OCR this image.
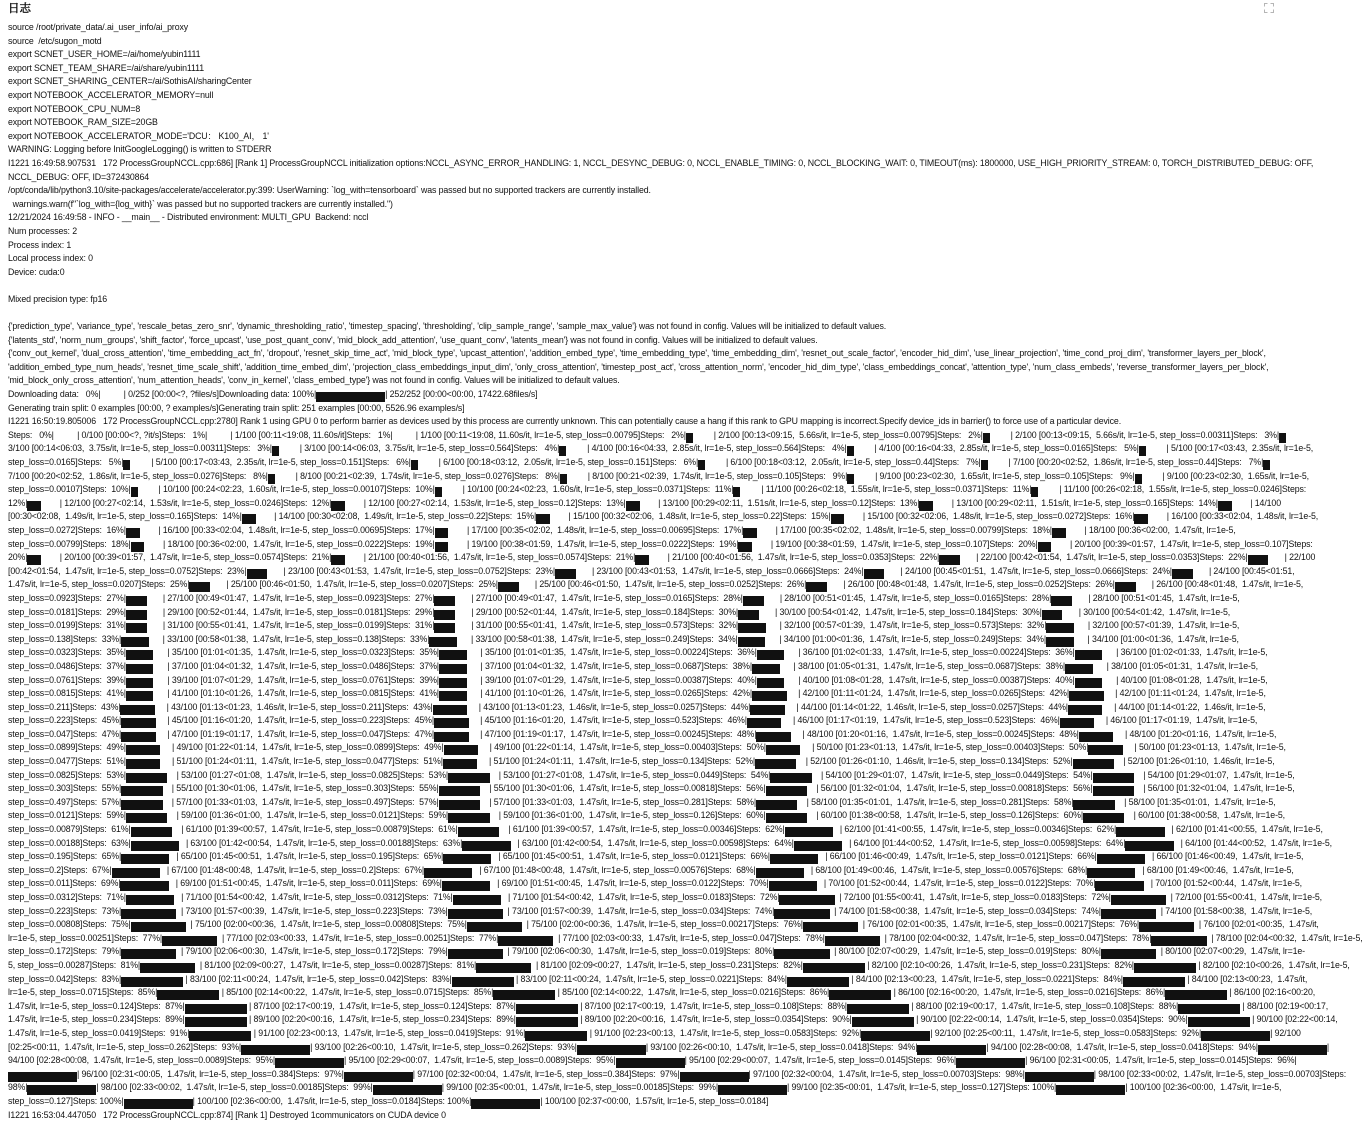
日志
source /root/private_data/.ai_user_info/ai_proxy
source  /etc/sugon_motd
export SCNET_USER_HOME=/ai/home/yubin1111
export SCNET_TEAM_SHARE=/ai/share/yubin1111
export SCNET_SHARING_CENTER=/ai/SothisAI/sharingCenter
export NOTEBOOK_ACCELERATOR_MEMORY=null
export NOTEBOOK_CPU_NUM=8
export NOTEBOOK_RAM_SIZE=20GB
export NOTEBOOK_ACCELERATOR_MODE='DCU： K100_AI， 1'
WARNING: Logging before InitGoogleLogging() is written to STDERR
I1221 16:49:58.907531   172 ProcessGroupNCCL.cpp:686] [Rank 1] ProcessGroupNCCL initialization options:NCCL_ASYNC_ERROR_HANDLING: 1, NCCL_DESYNC_DEBUG: 0, NCCL_ENABLE_TIMING: 0, NCCL_BLOCKING_WAIT: 0, TIMEOUT(ms): 1800000, USE_HIGH_PRIORITY_STREAM: 0, TORCH_DISTRIBUTED_DEBUG: OFF,
NCCL_DEBUG: OFF, ID=372430864
/opt/conda/lib/python3.10/site-packages/accelerate/accelerator.py:399: UserWarning: `log_with=tensorboard` was passed but no supported trackers are currently installed.
warnings.warn(f"`log_with={log_with}` was passed but no supported trackers are currently installed.")
12/21/2024 16:49:58 - INFO - __main__ - Distributed environment: MULTI_GPU  Backend: nccl
Num processes: 2
Process index: 1
Local process index: 0
Device: cuda:0

Mixed precision type: fp16

{'prediction_type', 'variance_type', 'rescale_betas_zero_snr', 'dynamic_thresholding_ratio', 'timestep_spacing', 'thresholding', 'clip_sample_range', 'sample_max_value'} was not found in config. Values will be initialized to default values.
{'latents_std', 'norm_num_groups', 'shift_factor', 'force_upcast', 'use_post_quant_conv', 'mid_block_add_attention', 'use_quant_conv', 'latents_mean'} was not found in config. Values will be initialized to default values.
{'conv_out_kernel', 'dual_cross_attention', 'time_embedding_act_fn', 'dropout', 'resnet_skip_time_act', 'mid_block_type', 'upcast_attention', 'addition_embed_type', 'time_embedding_type', 'time_embedding_dim', 'resnet_out_scale_factor', 'encoder_hid_dim', 'use_linear_projection', 'time_cond_proj_dim', 'transformer_layers_per_block',
'addition_embed_type_num_heads', 'resnet_time_scale_shift', 'addition_time_embed_dim', 'projection_class_embeddings_input_dim', 'only_cross_attention', 'timestep_post_act', 'cross_attention_norm', 'encoder_hid_dim_type', 'class_embeddings_concat', 'attention_type', 'num_class_embeds', 'reverse_transformer_layers_per_block',
'mid_block_only_cross_attention', 'num_attention_heads', 'conv_in_kernel', 'class_embed_type'} was not found in config. Values will be initialized to default values.
Downloading data:   0%|          | 0/252 [00:00<?, ?files/s]Downloading data: 100%|	| 252/252 [00:00<00:00, 17422.68files/s]
Generating train split: 0 examples [00:00, ? examples/s]Generating train split: 251 examples [00:00, 5526.96 examples/s]
I1221 16:50:19.805006   172 ProcessGroupNCCL.cpp:2780] Rank 1 using GPU 0 to perform barrier as devices used by this process are currently unknown. This can potentially cause a hang if this rank to GPU mapping is incorrect.Specify device_ids in barrier() to force use of a particular device.
Steps:   0%|          | 0/100 [00:00<?, ?it/s]Steps:   1%|          | 1/100 [00:11<19:08, 11.60s/it]Steps:   1%|          | 1/100 [00:11<19:08, 11.60s/it, lr=1e-5, step_loss=0.00795]Steps:   2%|         | 2/100 [00:13<09:15,  5.66s/it, lr=1e-5, step_loss=0.00795]Steps:   2%|         | 2/100 [00:13<09:15,  5.66s/it, lr=1e-5, step_loss=0.00311]Steps:   3%|
3/100 [00:14<06:03,  3.75s/it, lr=1e-5, step_loss=0.00311]Steps:   3%|         | 3/100 [00:14<06:03,  3.75s/it, lr=1e-5, step_loss=0.564]Steps:   4%|         | 4/100 [00:16<04:33,  2.85s/it, lr=1e-5, step_loss=0.564]Steps:   4%|         | 4/100 [00:16<04:33,  2.85s/it, lr=1e-5, step_loss=0.0165]Steps:   5%|         | 5/100 [00:17<03:43,  2.35s/it, lr=1e-5,
step_loss=0.0165]Steps:   5%|         | 5/100 [00:17<03:43,  2.35s/it, lr=1e-5, step_loss=0.151]Steps:   6%|         | 6/100 [00:18<03:12,  2.05s/it, lr=1e-5, step_loss=0.151]Steps:   6%|         | 6/100 [00:18<03:12,  2.05s/it, lr=1e-5, step_loss=0.44]Steps:   7%|         | 7/100 [00:20<02:52,  1.86s/it, lr=1e-5, step_loss=0.44]Steps:   7%|
7/100 [00:20<02:52,  1.86s/it, lr=1e-5, step_loss=0.0276]Steps:   8%|         | 8/100 [00:21<02:39,  1.74s/it, lr=1e-5, step_loss=0.0276]Steps:   8%|         | 8/100 [00:21<02:39,  1.74s/it, lr=1e-5, step_loss=0.105]Steps:   9%|         | 9/100 [00:23<02:30,  1.65s/it, lr=1e-5, step_loss=0.105]Steps:   9%|         | 9/100 [00:23<02:30,  1.65s/it, lr=1e-5,
step_loss=0.00107]Steps:  10%|         | 10/100 [00:24<02:23,  1.60s/it, lr=1e-5, step_loss=0.00107]Steps:  10%|         | 10/100 [00:24<02:23,  1.60s/it, lr=1e-5, step_loss=0.0371]Steps:  11%|         | 11/100 [00:26<02:18,  1.55s/it, lr=1e-5, step_loss=0.0371]Steps:  11%|         | 11/100 [00:26<02:18,  1.55s/it, lr=1e-5, step_loss=0.0246]Steps:
12%|        | 12/100 [00:27<02:14,  1.53s/it, lr=1e-5, step_loss=0.0246]Steps:  12%|        | 12/100 [00:27<02:14,  1.53s/it, lr=1e-5, step_loss=0.12]Steps:  13%|        | 13/100 [00:29<02:11,  1.51s/it, lr=1e-5, step_loss=0.12]Steps:  13%|        | 13/100 [00:29<02:11,  1.51s/it, lr=1e-5, step_loss=0.165]Steps:  14%|        | 14/100
[00:30<02:08,  1.49s/it, lr=1e-5, step_loss=0.165]Steps:  14%|        | 14/100 [00:30<02:08,  1.49s/it, lr=1e-5, step_loss=0.22]Steps:  15%|        | 15/100 [00:32<02:06,  1.48s/it, lr=1e-5, step_loss=0.22]Steps:  15%|        | 15/100 [00:32<02:06,  1.48s/it, lr=1e-5, step_loss=0.0272]Steps:  16%|        | 16/100 [00:33<02:04,  1.48s/it, lr=1e-5,
step_loss=0.0272]Steps:  16%|        | 16/100 [00:33<02:04,  1.48s/it, lr=1e-5, step_loss=0.00695]Steps:  17%|        | 17/100 [00:35<02:02,  1.48s/it, lr=1e-5, step_loss=0.00695]Steps:  17%|        | 17/100 [00:35<02:02,  1.48s/it, lr=1e-5, step_loss=0.00799]Steps:  18%|        | 18/100 [00:36<02:00,  1.47s/it, lr=1e-5,
step_loss=0.00799]Steps:  18%|        | 18/100 [00:36<02:00,  1.47s/it, lr=1e-5, step_loss=0.0222]Steps:  19%|        | 19/100 [00:38<01:59,  1.47s/it, lr=1e-5, step_loss=0.0222]Steps:  19%|        | 19/100 [00:38<01:59,  1.47s/it, lr=1e-5, step_loss=0.107]Steps:  20%|        | 20/100 [00:39<01:57,  1.47s/it, lr=1e-5, step_loss=0.107]Steps:
20%|        | 20/100 [00:39<01:57,  1.47s/it, lr=1e-5, step_loss=0.0574]Steps:  21%|        | 21/100 [00:40<01:56,  1.47s/it, lr=1e-5, step_loss=0.0574]Steps:  21%|        | 21/100 [00:40<01:56,  1.47s/it, lr=1e-5, step_loss=0.0353]Steps:  22%|       | 22/100 [00:42<01:54,  1.47s/it, lr=1e-5, step_loss=0.0353]Steps:  22%|       | 22/100
[00:42<01:54,  1.47s/it, lr=1e-5, step_loss=0.0752]Steps:  23%|       | 23/100 [00:43<01:53,  1.47s/it, lr=1e-5, step_loss=0.0752]Steps:  23%|       | 23/100 [00:43<01:53,  1.47s/it, lr=1e-5, step_loss=0.0666]Steps:  24%|       | 24/100 [00:45<01:51,  1.47s/it, lr=1e-5, step_loss=0.0666]Steps:  24%|       | 24/100 [00:45<01:51,
1.47s/it, lr=1e-5, step_loss=0.0207]Steps:  25%|       | 25/100 [00:46<01:50,  1.47s/it, lr=1e-5, step_loss=0.0207]Steps:  25%|       | 25/100 [00:46<01:50,  1.47s/it, lr=1e-5, step_loss=0.0252]Steps:  26%|       | 26/100 [00:48<01:48,  1.47s/it, lr=1e-5, step_loss=0.0252]Steps:  26%|       | 26/100 [00:48<01:48,  1.47s/it, lr=1e-5,
step_loss=0.0923]Steps:  27%|       | 27/100 [00:49<01:47,  1.47s/it, lr=1e-5, step_loss=0.0923]Steps:  27%|       | 27/100 [00:49<01:47,  1.47s/it, lr=1e-5, step_loss=0.0165]Steps:  28%|       | 28/100 [00:51<01:45,  1.47s/it, lr=1e-5, step_loss=0.0165]Steps:  28%|       | 28/100 [00:51<01:45,  1.47s/it, lr=1e-5,
step_loss=0.0181]Steps:  29%|       | 29/100 [00:52<01:44,  1.47s/it, lr=1e-5, step_loss=0.0181]Steps:  29%|       | 29/100 [00:52<01:44,  1.47s/it, lr=1e-5, step_loss=0.184]Steps:  30%|       | 30/100 [00:54<01:42,  1.47s/it, lr=1e-5, step_loss=0.184]Steps:  30%|       | 30/100 [00:54<01:42,  1.47s/it, lr=1e-5,
step_loss=0.0199]Steps:  31%|       | 31/100 [00:55<01:41,  1.47s/it, lr=1e-5, step_loss=0.0199]Steps:  31%|       | 31/100 [00:55<01:41,  1.47s/it, lr=1e-5, step_loss=0.573]Steps:  32%|	| 32/100 [00:57<01:39,  1.47s/it, lr=1e-5, step_loss=0.573]Steps:  32%|	| 32/100 [00:57<01:39,  1.47s/it, lr=1e-5,
step_loss=0.138]Steps:  33%|	| 33/100 [00:58<01:38,  1.47s/it, lr=1e-5, step_loss=0.138]Steps:  33%|	| 33/100 [00:58<01:38,  1.47s/it, lr=1e-5, step_loss=0.249]Steps:  34%|	| 34/100 [01:00<01:36,  1.47s/it, lr=1e-5, step_loss=0.249]Steps:  34%|	| 34/100 [01:00<01:36,  1.47s/it, lr=1e-5,
step_loss=0.0323]Steps:  35%|	| 35/100 [01:01<01:35,  1.47s/it, lr=1e-5, step_loss=0.0323]Steps:  35%|	| 35/100 [01:01<01:35,  1.47s/it, lr=1e-5, step_loss=0.00224]Steps:  36%|	| 36/100 [01:02<01:33,  1.47s/it, lr=1e-5, step_loss=0.00224]Steps:  36%|	| 36/100 [01:02<01:33,  1.47s/it, lr=1e-5,
step_loss=0.0486]Steps:  37%|	| 37/100 [01:04<01:32,  1.47s/it, lr=1e-5, step_loss=0.0486]Steps:  37%|	| 37/100 [01:04<01:32,  1.47s/it, lr=1e-5, step_loss=0.0687]Steps:  38%|	| 38/100 [01:05<01:31,  1.47s/it, lr=1e-5, step_loss=0.0687]Steps:  38%|	| 38/100 [01:05<01:31,  1.47s/it, lr=1e-5,
step_loss=0.0761]Steps:  39%|	| 39/100 [01:07<01:29,  1.47s/it, lr=1e-5, step_loss=0.0761]Steps:  39%|	| 39/100 [01:07<01:29,  1.47s/it, lr=1e-5, step_loss=0.00387]Steps:  40%|	| 40/100 [01:08<01:28,  1.47s/it, lr=1e-5, step_loss=0.00387]Steps:  40%|	| 40/100 [01:08<01:28,  1.47s/it, lr=1e-5,
step_loss=0.0815]Steps:  41%|	| 41/100 [01:10<01:26,  1.47s/it, lr=1e-5, step_loss=0.0815]Steps:  41%|	| 41/100 [01:10<01:26,  1.47s/it, lr=1e-5, step_loss=0.0265]Steps:  42%|	| 42/100 [01:11<01:24,  1.47s/it, lr=1e-5, step_loss=0.0265]Steps:  42%|	| 42/100 [01:11<01:24,  1.47s/it, lr=1e-5,
step_loss=0.211]Steps:  43%|	| 43/100 [01:13<01:23,  1.46s/it, lr=1e-5, step_loss=0.211]Steps:  43%|	| 43/100 [01:13<01:23,  1.46s/it, lr=1e-5, step_loss=0.0257]Steps:  44%|	| 44/100 [01:14<01:22,  1.46s/it, lr=1e-5, step_loss=0.0257]Steps:  44%|	| 44/100 [01:14<01:22,  1.46s/it, lr=1e-5,
step_loss=0.223]Steps:  45%|	| 45/100 [01:16<01:20,  1.47s/it, lr=1e-5, step_loss=0.223]Steps:  45%|	| 45/100 [01:16<01:20,  1.47s/it, lr=1e-5, step_loss=0.523]Steps:  46%|	| 46/100 [01:17<01:19,  1.47s/it, lr=1e-5, step_loss=0.523]Steps:  46%|	| 46/100 [01:17<01:19,  1.47s/it, lr=1e-5,
step_loss=0.047]Steps:  47%|	| 47/100 [01:19<01:17,  1.47s/it, lr=1e-5, step_loss=0.047]Steps:  47%|	| 47/100 [01:19<01:17,  1.47s/it, lr=1e-5, step_loss=0.00245]Steps:  48%|	| 48/100 [01:20<01:16,  1.47s/it, lr=1e-5, step_loss=0.00245]Steps:  48%|	| 48/100 [01:20<01:16,  1.47s/it, lr=1e-5,
step_loss=0.0899]Steps:  49%|	| 49/100 [01:22<01:14,  1.47s/it, lr=1e-5, step_loss=0.0899]Steps:  49%|	| 49/100 [01:22<01:14,  1.47s/it, lr=1e-5, step_loss=0.00403]Steps:  50%|	| 50/100 [01:23<01:13,  1.47s/it, lr=1e-5, step_loss=0.00403]Steps:  50%|	| 50/100 [01:23<01:13,  1.47s/it, lr=1e-5,
step_loss=0.0477]Steps:  51%|	| 51/100 [01:24<01:11,  1.47s/it, lr=1e-5, step_loss=0.0477]Steps:  51%|	| 51/100 [01:24<01:11,  1.47s/it, lr=1e-5, step_loss=0.134]Steps:  52%|	| 52/100 [01:26<01:10,  1.46s/it, lr=1e-5, step_loss=0.134]Steps:  52%|	| 52/100 [01:26<01:10,  1.46s/it, lr=1e-5,
step_loss=0.0825]Steps:  53%|	| 53/100 [01:27<01:08,  1.47s/it, lr=1e-5, step_loss=0.0825]Steps:  53%|	| 53/100 [01:27<01:08,  1.47s/it, lr=1e-5, step_loss=0.0449]Steps:  54%|	| 54/100 [01:29<01:07,  1.47s/it, lr=1e-5, step_loss=0.0449]Steps:  54%|	| 54/100 [01:29<01:07,  1.47s/it, lr=1e-5,
step_loss=0.303]Steps:  55%|	| 55/100 [01:30<01:06,  1.47s/it, lr=1e-5, step_loss=0.303]Steps:  55%|	| 55/100 [01:30<01:06,  1.47s/it, lr=1e-5, step_loss=0.00818]Steps:  56%|	| 56/100 [01:32<01:04,  1.47s/it, lr=1e-5, step_loss=0.00818]Steps:  56%|	| 56/100 [01:32<01:04,  1.47s/it, lr=1e-5,
step_loss=0.497]Steps:  57%|	| 57/100 [01:33<01:03,  1.47s/it, lr=1e-5, step_loss=0.497]Steps:  57%|	| 57/100 [01:33<01:03,  1.47s/it, lr=1e-5, step_loss=0.281]Steps:  58%|	| 58/100 [01:35<01:01,  1.47s/it, lr=1e-5, step_loss=0.281]Steps:  58%|	| 58/100 [01:35<01:01,  1.47s/it, lr=1e-5,
step_loss=0.0121]Steps:  59%|	| 59/100 [01:36<01:00,  1.47s/it, lr=1e-5, step_loss=0.0121]Steps:  59%|	| 59/100 [01:36<01:00,  1.47s/it, lr=1e-5, step_loss=0.126]Steps:  60%|	| 60/100 [01:38<00:58,  1.47s/it, lr=1e-5, step_loss=0.126]Steps:  60%|	| 60/100 [01:38<00:58,  1.47s/it, lr=1e-5,
step_loss=0.00879]Steps:  61%|	| 61/100 [01:39<00:57,  1.47s/it, lr=1e-5, step_loss=0.00879]Steps:  61%|	| 61/100 [01:39<00:57,  1.47s/it, lr=1e-5, step_loss=0.00346]Steps:  62%|	| 62/100 [01:41<00:55,  1.47s/it, lr=1e-5, step_loss=0.00346]Steps:  62%|	| 62/100 [01:41<00:55,  1.47s/it, lr=1e-5,
step_loss=0.00188]Steps:  63%|	| 63/100 [01:42<00:54,  1.47s/it, lr=1e-5, step_loss=0.00188]Steps:  63%|	| 63/100 [01:42<00:54,  1.47s/it, lr=1e-5, step_loss=0.00598]Steps:  64%|	| 64/100 [01:44<00:52,  1.47s/it, lr=1e-5, step_loss=0.00598]Steps:  64%|	| 64/100 [01:44<00:52,  1.47s/it, lr=1e-5,
step_loss=0.195]Steps:  65%|	| 65/100 [01:45<00:51,  1.47s/it, lr=1e-5, step_loss=0.195]Steps:  65%|	| 65/100 [01:45<00:51,  1.47s/it, lr=1e-5, step_loss=0.0121]Steps:  66%|	| 66/100 [01:46<00:49,  1.47s/it, lr=1e-5, step_loss=0.0121]Steps:  66%|	| 66/100 [01:46<00:49,  1.47s/it, lr=1e-5,
step_loss=0.2]Steps:  67%|	| 67/100 [01:48<00:48,  1.47s/it, lr=1e-5, step_loss=0.2]Steps:  67%|	| 67/100 [01:48<00:48,  1.47s/it, lr=1e-5, step_loss=0.00576]Steps:  68%|	| 68/100 [01:49<00:46,  1.47s/it, lr=1e-5, step_loss=0.00576]Steps:  68%|	| 68/100 [01:49<00:46,  1.47s/it, lr=1e-5,
step_loss=0.011]Steps:  69%|	| 69/100 [01:51<00:45,  1.47s/it, lr=1e-5, step_loss=0.011]Steps:  69%|	| 69/100 [01:51<00:45,  1.47s/it, lr=1e-5, step_loss=0.0122]Steps:  70%|	| 70/100 [01:52<00:44,  1.47s/it, lr=1e-5, step_loss=0.0122]Steps:  70%|	| 70/100 [01:52<00:44,  1.47s/it, lr=1e-5,
step_loss=0.0312]Steps:  71%|	| 71/100 [01:54<00:42,  1.47s/it, lr=1e-5, step_loss=0.0312]Steps:  71%|	| 71/100 [01:54<00:42,  1.47s/it, lr=1e-5, step_loss=0.0183]Steps:  72%|	| 72/100 [01:55<00:41,  1.47s/it, lr=1e-5, step_loss=0.0183]Steps:  72%|	| 72/100 [01:55<00:41,  1.47s/it, lr=1e-5,
step_loss=0.223]Steps:  73%|	| 73/100 [01:57<00:39,  1.47s/it, lr=1e-5, step_loss=0.223]Steps:  73%|	| 73/100 [01:57<00:39,  1.47s/it, lr=1e-5, step_loss=0.034]Steps:  74%|	| 74/100 [01:58<00:38,  1.47s/it, lr=1e-5, step_loss=0.034]Steps:  74%|	| 74/100 [01:58<00:38,  1.47s/it, lr=1e-5,
step_loss=0.00808]Steps:  75%|	| 75/100 [02:00<00:36,  1.47s/it, lr=1e-5, step_loss=0.00808]Steps:  75%|	| 75/100 [02:00<00:36,  1.47s/it, lr=1e-5, step_loss=0.00217]Steps:  76%|	| 76/100 [02:01<00:35,  1.47s/it, lr=1e-5, step_loss=0.00217]Steps:  76%|	| 76/100 [02:01<00:35,  1.47s/it,
lr=1e-5, step_loss=0.00251]Steps:  77%|	| 77/100 [02:03<00:33,  1.47s/it, lr=1e-5, step_loss=0.00251]Steps:  77%|	| 77/100 [02:03<00:33,  1.47s/it, lr=1e-5, step_loss=0.047]Steps:  78%|	| 78/100 [02:04<00:32,  1.47s/it, lr=1e-5, step_loss=0.047]Steps:  78%|	| 78/100 [02:04<00:32,  1.47s/it, lr=1e-5,
step_loss=0.172]Steps:  79%|	| 79/100 [02:06<00:30,  1.47s/it, lr=1e-5, step_loss=0.172]Steps:  79%|	| 79/100 [02:06<00:30,  1.47s/it, lr=1e-5, step_loss=0.019]Steps:  80%|	| 80/100 [02:07<00:29,  1.47s/it, lr=1e-5, step_loss=0.019]Steps:  80%|	| 80/100 [02:07<00:29,  1.47s/it, lr=1e-
5, step_loss=0.00287]Steps:  81%|	| 81/100 [02:09<00:27,  1.47s/it, lr=1e-5, step_loss=0.00287]Steps:  81%|	| 81/100 [02:09<00:27,  1.47s/it, lr=1e-5, step_loss=0.231]Steps:  82%|	| 82/100 [02:10<00:26,  1.47s/it, lr=1e-5, step_loss=0.231]Steps:  82%|	| 82/100 [02:10<00:26,  1.47s/it, lr=1e-5,
step_loss=0.042]Steps:  83%|	| 83/100 [02:11<00:24,  1.47s/it, lr=1e-5, step_loss=0.042]Steps:  83%|	| 83/100 [02:11<00:24,  1.47s/it, lr=1e-5, step_loss=0.0221]Steps:  84%|	| 84/100 [02:13<00:23,  1.47s/it, lr=1e-5, step_loss=0.0221]Steps:  84%|	| 84/100 [02:13<00:23,  1.47s/it,
lr=1e-5, step_loss=0.0715]Steps:  85%|	| 85/100 [02:14<00:22,  1.47s/it, lr=1e-5, step_loss=0.0715]Steps:  85%|	| 85/100 [02:14<00:22,  1.47s/it, lr=1e-5, step_loss=0.0216]Steps:  86%|	| 86/100 [02:16<00:20,  1.47s/it, lr=1e-5, step_loss=0.0216]Steps:  86%|	| 86/100 [02:16<00:20,
1.47s/it, lr=1e-5, step_loss=0.124]Steps:  87%|	| 87/100 [02:17<00:19,  1.47s/it, lr=1e-5, step_loss=0.124]Steps:  87%|	| 87/100 [02:17<00:19,  1.47s/it, lr=1e-5, step_loss=0.108]Steps:  88%|	| 88/100 [02:19<00:17,  1.47s/it, lr=1e-5, step_loss=0.108]Steps:  88%|	| 88/100 [02:19<00:17,
1.47s/it, lr=1e-5, step_loss=0.234]Steps:  89%|	| 89/100 [02:20<00:16,  1.47s/it, lr=1e-5, step_loss=0.234]Steps:  89%|	| 89/100 [02:20<00:16,  1.47s/it, lr=1e-5, step_loss=0.0354]Steps:  90%|	| 90/100 [02:22<00:14,  1.47s/it, lr=1e-5, step_loss=0.0354]Steps:  90%|	| 90/100 [02:22<00:14,
1.47s/it, lr=1e-5, step_loss=0.0419]Steps:  91%|	| 91/100 [02:23<00:13,  1.47s/it, lr=1e-5, step_loss=0.0419]Steps:  91%|	| 91/100 [02:23<00:13,  1.47s/it, lr=1e-5, step_loss=0.0583]Steps:  92%|	| 92/100 [02:25<00:11,  1.47s/it, lr=1e-5, step_loss=0.0583]Steps:  92%|	| 92/100
[02:25<00:11,  1.47s/it, lr=1e-5, step_loss=0.262]Steps:  93%|	| 93/100 [02:26<00:10,  1.47s/it, lr=1e-5, step_loss=0.262]Steps:  93%|	| 93/100 [02:26<00:10,  1.47s/it, lr=1e-5, step_loss=0.0418]Steps:  94%|	| 94/100 [02:28<00:08,  1.47s/it, lr=1e-5, step_loss=0.0418]Steps:  94%|	|
94/100 [02:28<00:08,  1.47s/it, lr=1e-5, step_loss=0.0089]Steps:  95%|	| 95/100 [02:29<00:07,  1.47s/it, lr=1e-5, step_loss=0.0089]Steps:  95%|	| 95/100 [02:29<00:07,  1.47s/it, lr=1e-5, step_loss=0.0145]Steps:  96%|	| 96/100 [02:31<00:05,  1.47s/it, lr=1e-5, step_loss=0.0145]Steps:  96%|
| 96/100 [02:31<00:05,  1.47s/it, lr=1e-5, step_loss=0.384]Steps:  97%|	| 97/100 [02:32<00:04,  1.47s/it, lr=1e-5, step_loss=0.384]Steps:  97%|	| 97/100 [02:32<00:04,  1.47s/it, lr=1e-5, step_loss=0.00703]Steps:  98%|	| 98/100 [02:33<00:02,  1.47s/it, lr=1e-5, step_loss=0.00703]Steps:
98%|	| 98/100 [02:33<00:02,  1.47s/it, lr=1e-5, step_loss=0.00185]Steps:  99%|	| 99/100 [02:35<00:01,  1.47s/it, lr=1e-5, step_loss=0.00185]Steps:  99%|	| 99/100 [02:35<00:01,  1.47s/it, lr=1e-5, step_loss=0.127]Steps: 100%|	| 100/100 [02:36<00:00,  1.47s/it, lr=1e-5,
step_loss=0.127]Steps: 100%|	| 100/100 [02:36<00:00,  1.47s/it, lr=1e-5, step_loss=0.0184]Steps: 100%|	| 100/100 [02:37<00:00,  1.57s/it, lr=1e-5, step_loss=0.0184]
I1221 16:53:04.447050   172 ProcessGroupNCCL.cpp:874] [Rank 1] Destroyed 1communicators on CUDA device 0
